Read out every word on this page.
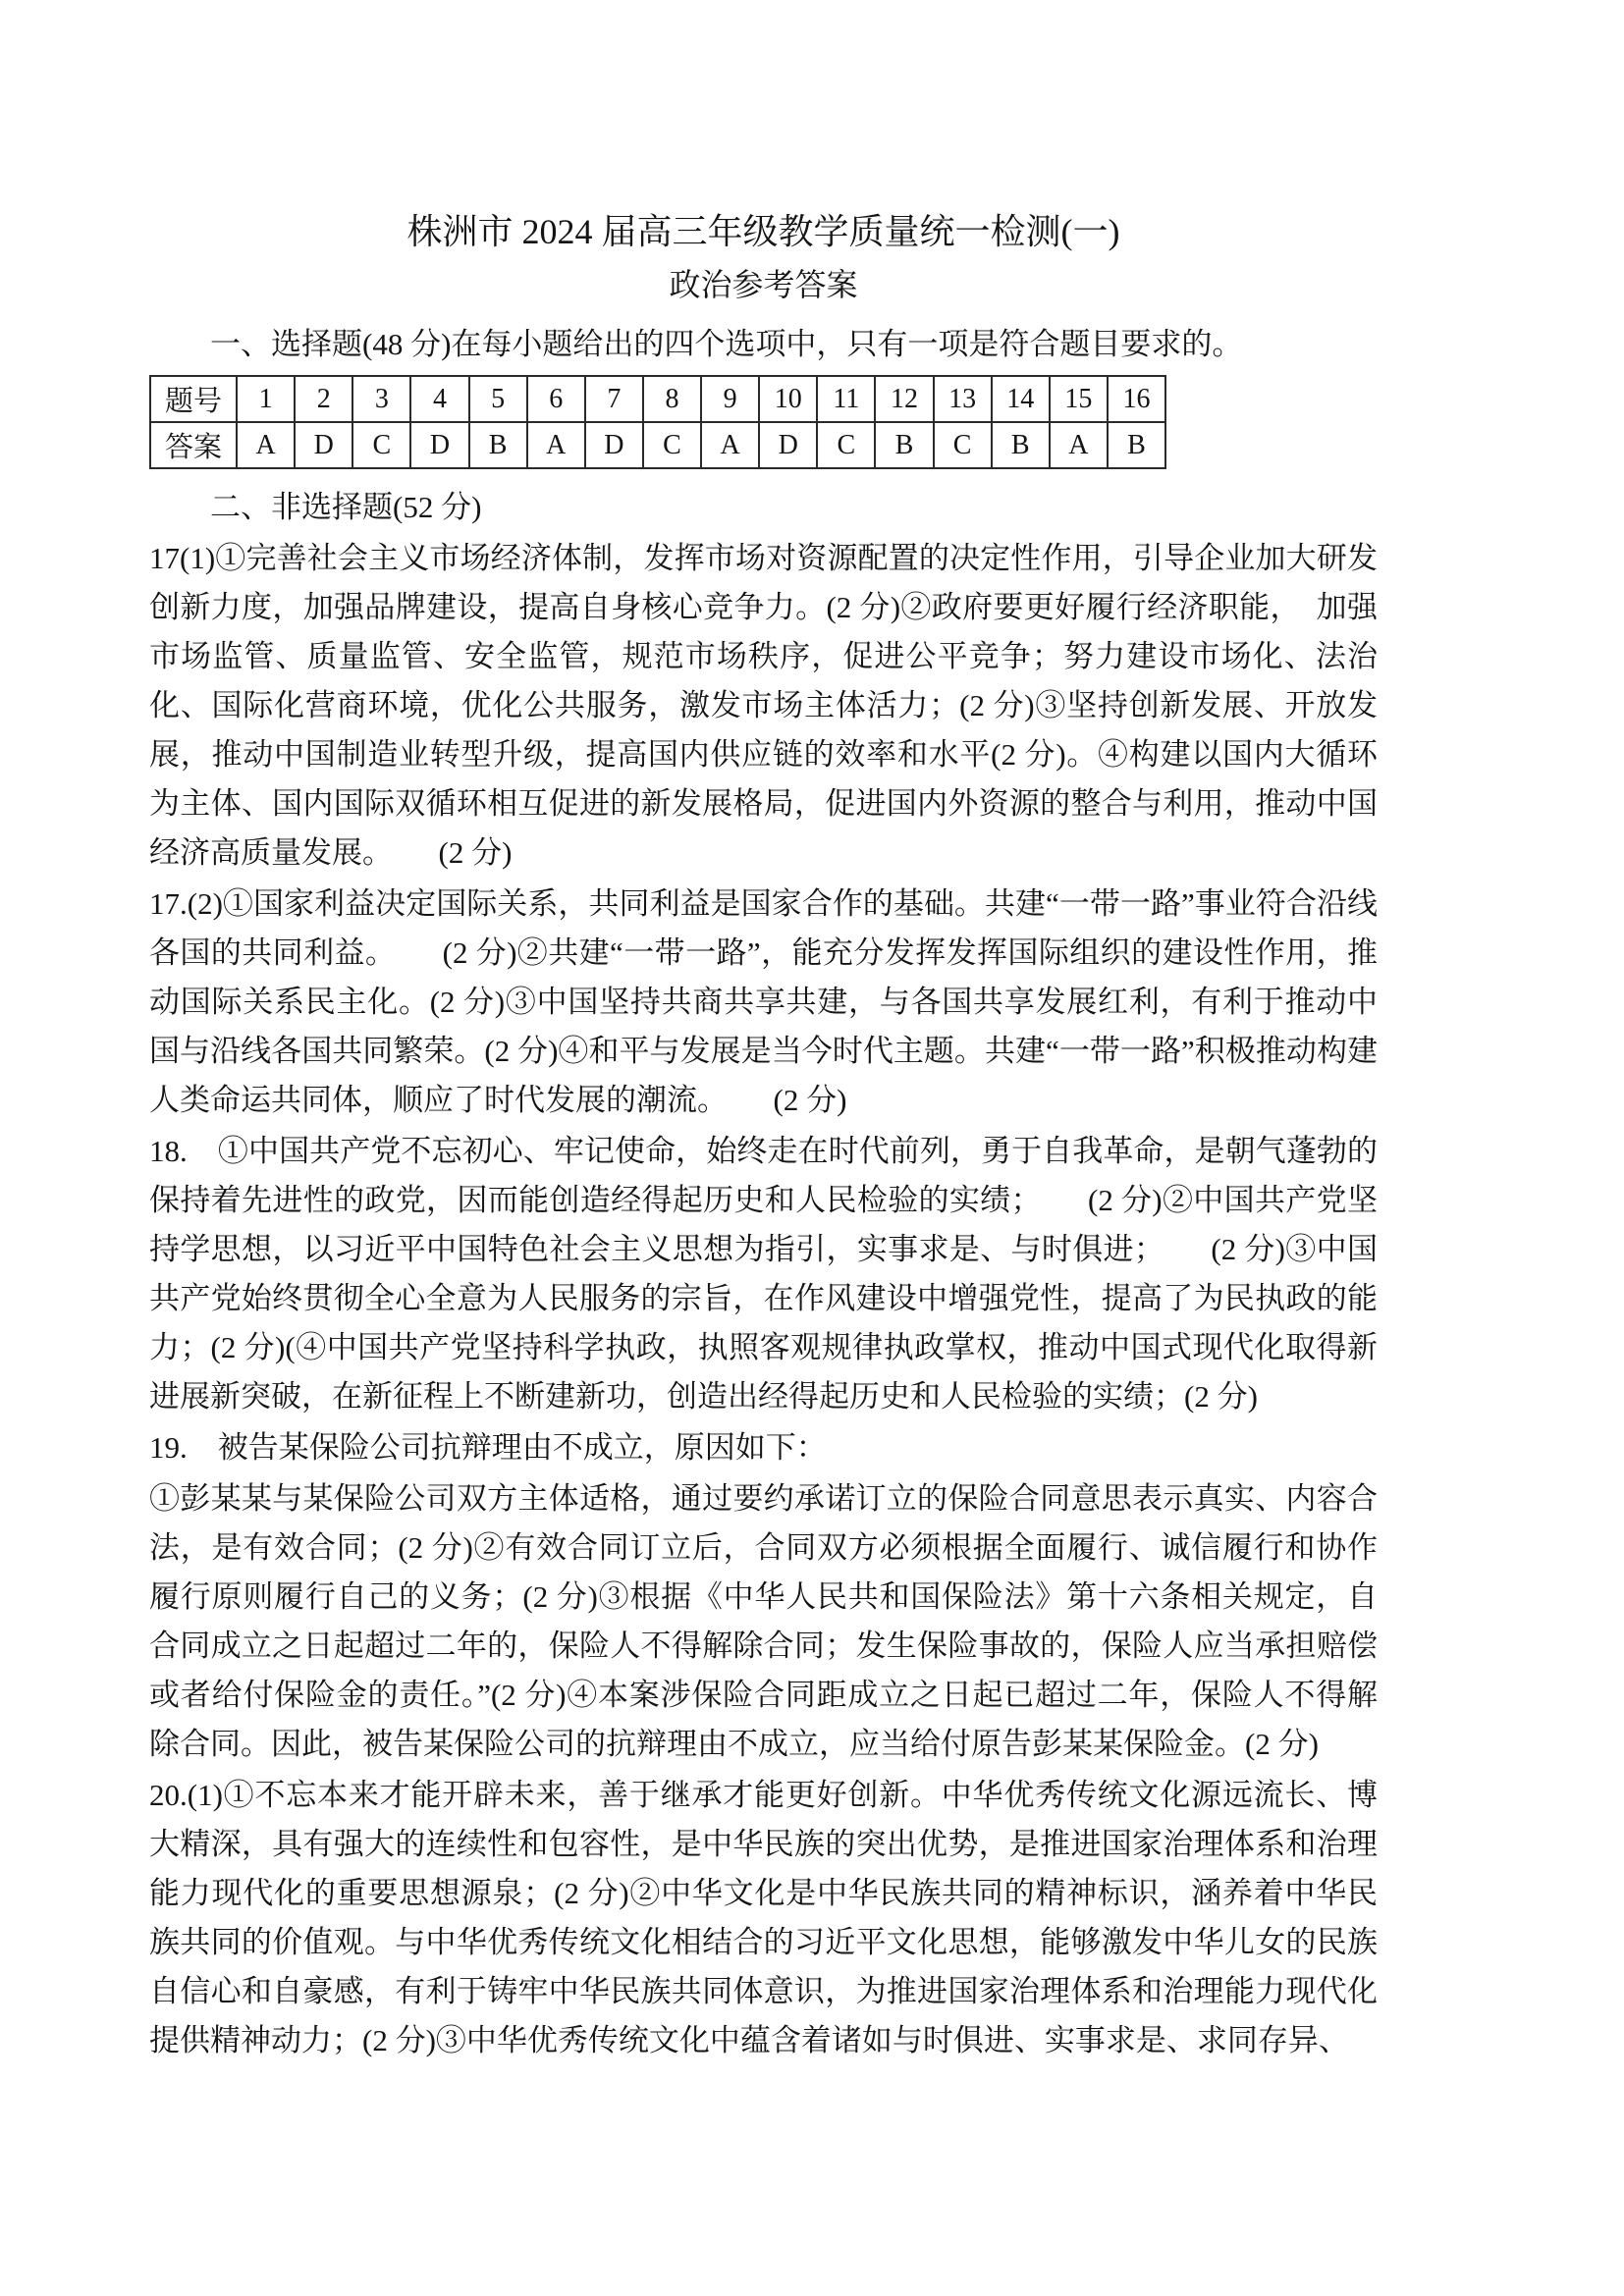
株洲市 2024 届高三年级教学质量统一检测(一)
政治参考答案

一、选择题(48 分)在每小题给出的四个选项中，只有一项是符合题目要求的。

题号	1	2	3	4	5	6	7	8	9	10	11	12	13	14	15	16
答案	A	D	C	D	B	A	D	C	A	D	C	B	C	B	A	B

二、非选择题(52 分)

17(1)①完善社会主义市场经济体制，发挥市场对资源配置的决定性作用，引导企业加大研发创新力度，加强品牌建设，提高自身核心竞争力。(2 分)②政府要更好履行经济职能，　加强市场监管、质量监管、安全监管，规范市场秩序，促进公平竞争；努力建设市场化、法治化、国际化营商环境，优化公共服务，激发市场主体活力；(2 分)③坚持创新发展、开放发展，推动中国制造业转型升级，提高国内供应链的效率和水平(2 分)。④构建以国内大循环为主体、国内国际双循环相互促进的新发展格局，促进国内外资源的整合与利用，推动中国经济高质量发展。　　(2 分)

17.(2)①国家利益决定国际关系，共同利益是国家合作的基础。共建“一带一路”事业符合沿线各国的共同利益。　　(2 分)②共建“一带一路”，能充分发挥发挥国际组织的建设性作用，推动国际关系民主化。(2 分)③中国坚持共商共享共建，与各国共享发展红利，有利于推动中国与沿线各国共同繁荣。(2 分)④和平与发展是当今时代主题。共建“一带一路”积极推动构建人类命运共同体，顺应了时代发展的潮流。　　(2 分)

18.　①中国共产党不忘初心、牢记使命，始终走在时代前列，勇于自我革命，是朝气蓬勃的保持着先进性的政党，因而能创造经得起历史和人民检验的实绩；　　(2 分)②中国共产党坚持学思想，以习近平中国特色社会主义思想为指引，实事求是、与时俱进；　　(2 分)③中国共产党始终贯彻全心全意为人民服务的宗旨，在作风建设中增强党性，提高了为民执政的能力；(2 分)(④中国共产党坚持科学执政，执照客观规律执政掌权，推动中国式现代化取得新进展新突破，在新征程上不断建新功，创造出经得起历史和人民检验的实绩；(2 分)

19.　被告某保险公司抗辩理由不成立，原因如下：

①彭某某与某保险公司双方主体适格，通过要约承诺订立的保险合同意思表示真实、内容合法，是有效合同；(2 分)②有效合同订立后，合同双方必须根据全面履行、诚信履行和协作履行原则履行自己的义务；(2 分)③根据《中华人民共和国保险法》第十六条相关规定，自合同成立之日起超过二年的，保险人不得解除合同；发生保险事故的，保险人应当承担赔偿或者给付保险金的责任。”(2 分)④本案涉保险合同距成立之日起已超过二年，保险人不得解除合同。因此，被告某保险公司的抗辩理由不成立，应当给付原告彭某某保险金。(2 分)

20.(1)①不忘本来才能开辟未来，善于继承才能更好创新。中华优秀传统文化源远流长、博大精深，具有强大的连续性和包容性，是中华民族的突出优势，是推进国家治理体系和治理能力现代化的重要思想源泉；(2 分)②中华文化是中华民族共同的精神标识，涵养着中华民族共同的价值观。与中华优秀传统文化相结合的习近平文化思想，能够激发中华儿女的民族自信心和自豪感，有利于铸牢中华民族共同体意识，为推进国家治理体系和治理能力现代化提供精神动力；(2 分)③中华优秀传统文化中蕴含着诸如与时俱进、实事求是、求同存异、
